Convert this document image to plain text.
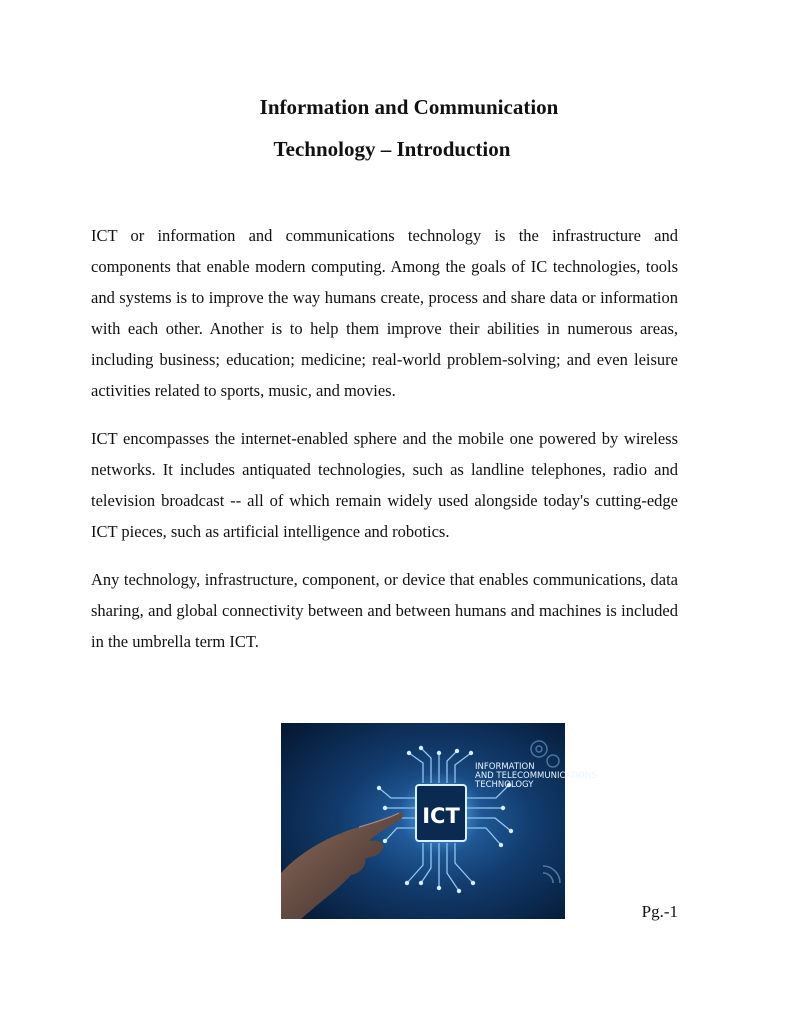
Information and Communication
Technology – Introduction

ICT or information and communications technology is the infrastructure and components that enable modern computing. Among the goals of IC technologies, tools and systems is to improve the way humans create, process and share data or information with each other. Another is to help them improve their abilities in numerous areas, including business; education; medicine; real-world problem-solving; and even leisure activities related to sports, music, and movies.

ICT encompasses the internet-enabled sphere and the mobile one powered by wireless networks. It includes antiquated technologies, such as landline telephones, radio and television broadcast -- all of which remain widely used alongside today's cutting-edge ICT pieces, such as artificial intelligence and robotics.

Any technology, infrastructure, component, or device that enables communications, data sharing, and global connectivity between and between humans and machines is included in the umbrella term ICT.

ICT
INFORMATION
AND TELECOMMUNICATIONS
TECHNOLOGY
Pg.-1
